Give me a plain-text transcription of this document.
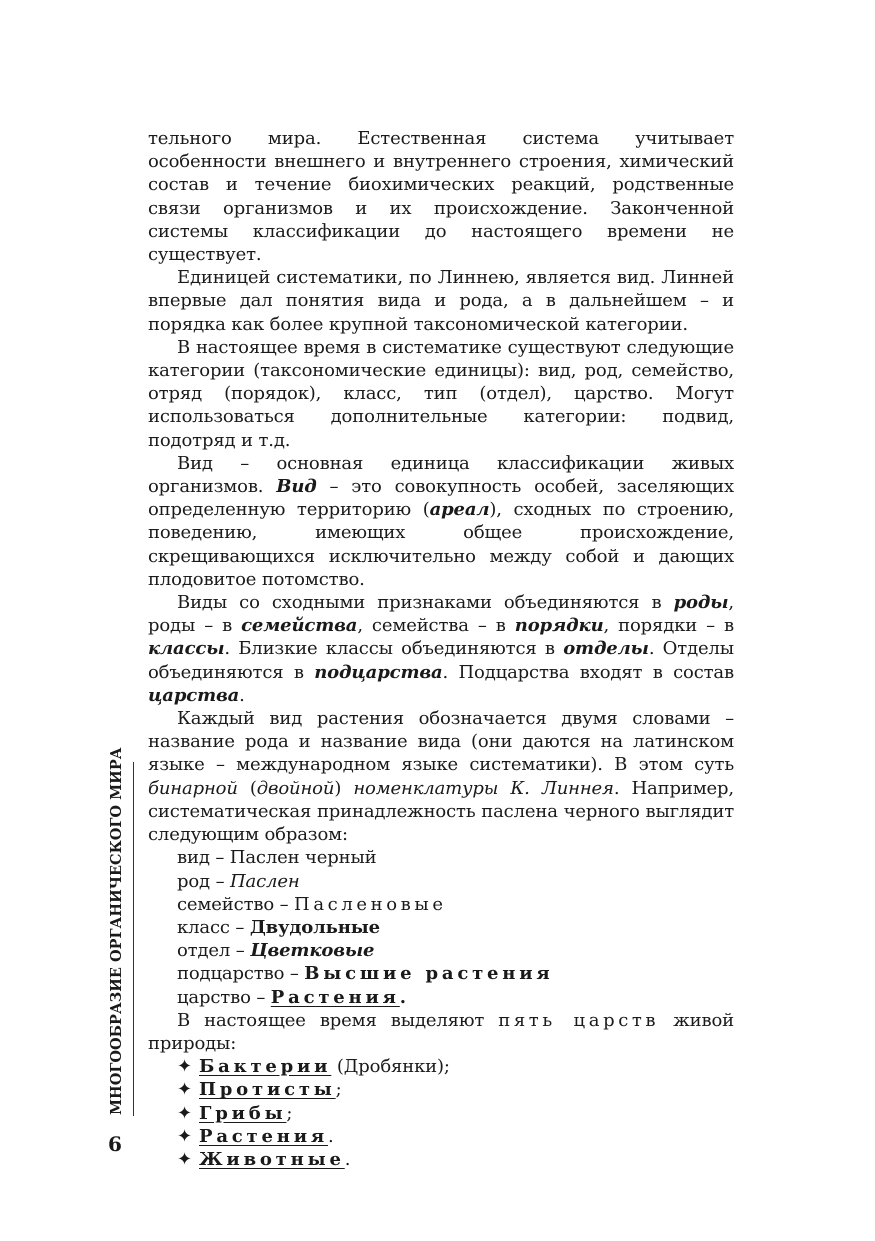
МНОГООБРАЗИЕ ОРГАНИЧЕСКОГО МИРА
6

тельного мира. Естественная система учитывает особенности внешнего и внутреннего строения, химический состав и течение биохимических реакций, родственные связи организмов и их происхождение. Законченной системы классификации до настоящего времени не существует.

Единицей систематики, по Линнею, является вид. Линней впервые дал понятия вида и рода, а в дальнейшем – и порядка как более крупной таксономической категории.

В настоящее время в систематике существуют следующие категории (таксономические единицы): вид, род, семейство, отряд (порядок), класс, тип (отдел), царство. Могут использоваться дополнительные категории: подвид, подотряд и т.д.

Вид – основная единица классификации живых организмов. Вид – это совокупность особей, заселяющих определенную территорию (ареал), сходных по строению, поведению, имеющих общее происхождение, скрещивающихся исключительно между собой и дающих плодовитое потомство.

Виды со сходными признаками объединяются в роды, роды – в семейства, семейства – в порядки, порядки – в классы. Близкие классы объединяются в отделы. Отделы объединяются в подцарства. Подцарства входят в состав царства.

Каждый вид растения обозначается двумя словами – название рода и название вида (они даются на латинском языке – международном языке систематики). В этом суть бинарной (двойной) номенклатуры К. Линнея. Например, систематическая принадлежность паслена черного выглядит следующим образом:

вид – Паслен черный
род – Паслен
семейство – Пасленовые
класс – Двудольные
отдел – Цветковые
подцарство – Высшие растения
царство – Растения.

В настоящее время выделяют пять царств живой природы:

✦ Бактерии (Дробянки);
✦ Протисты;
✦ Грибы;
✦ Растения.
✦ Животные.
